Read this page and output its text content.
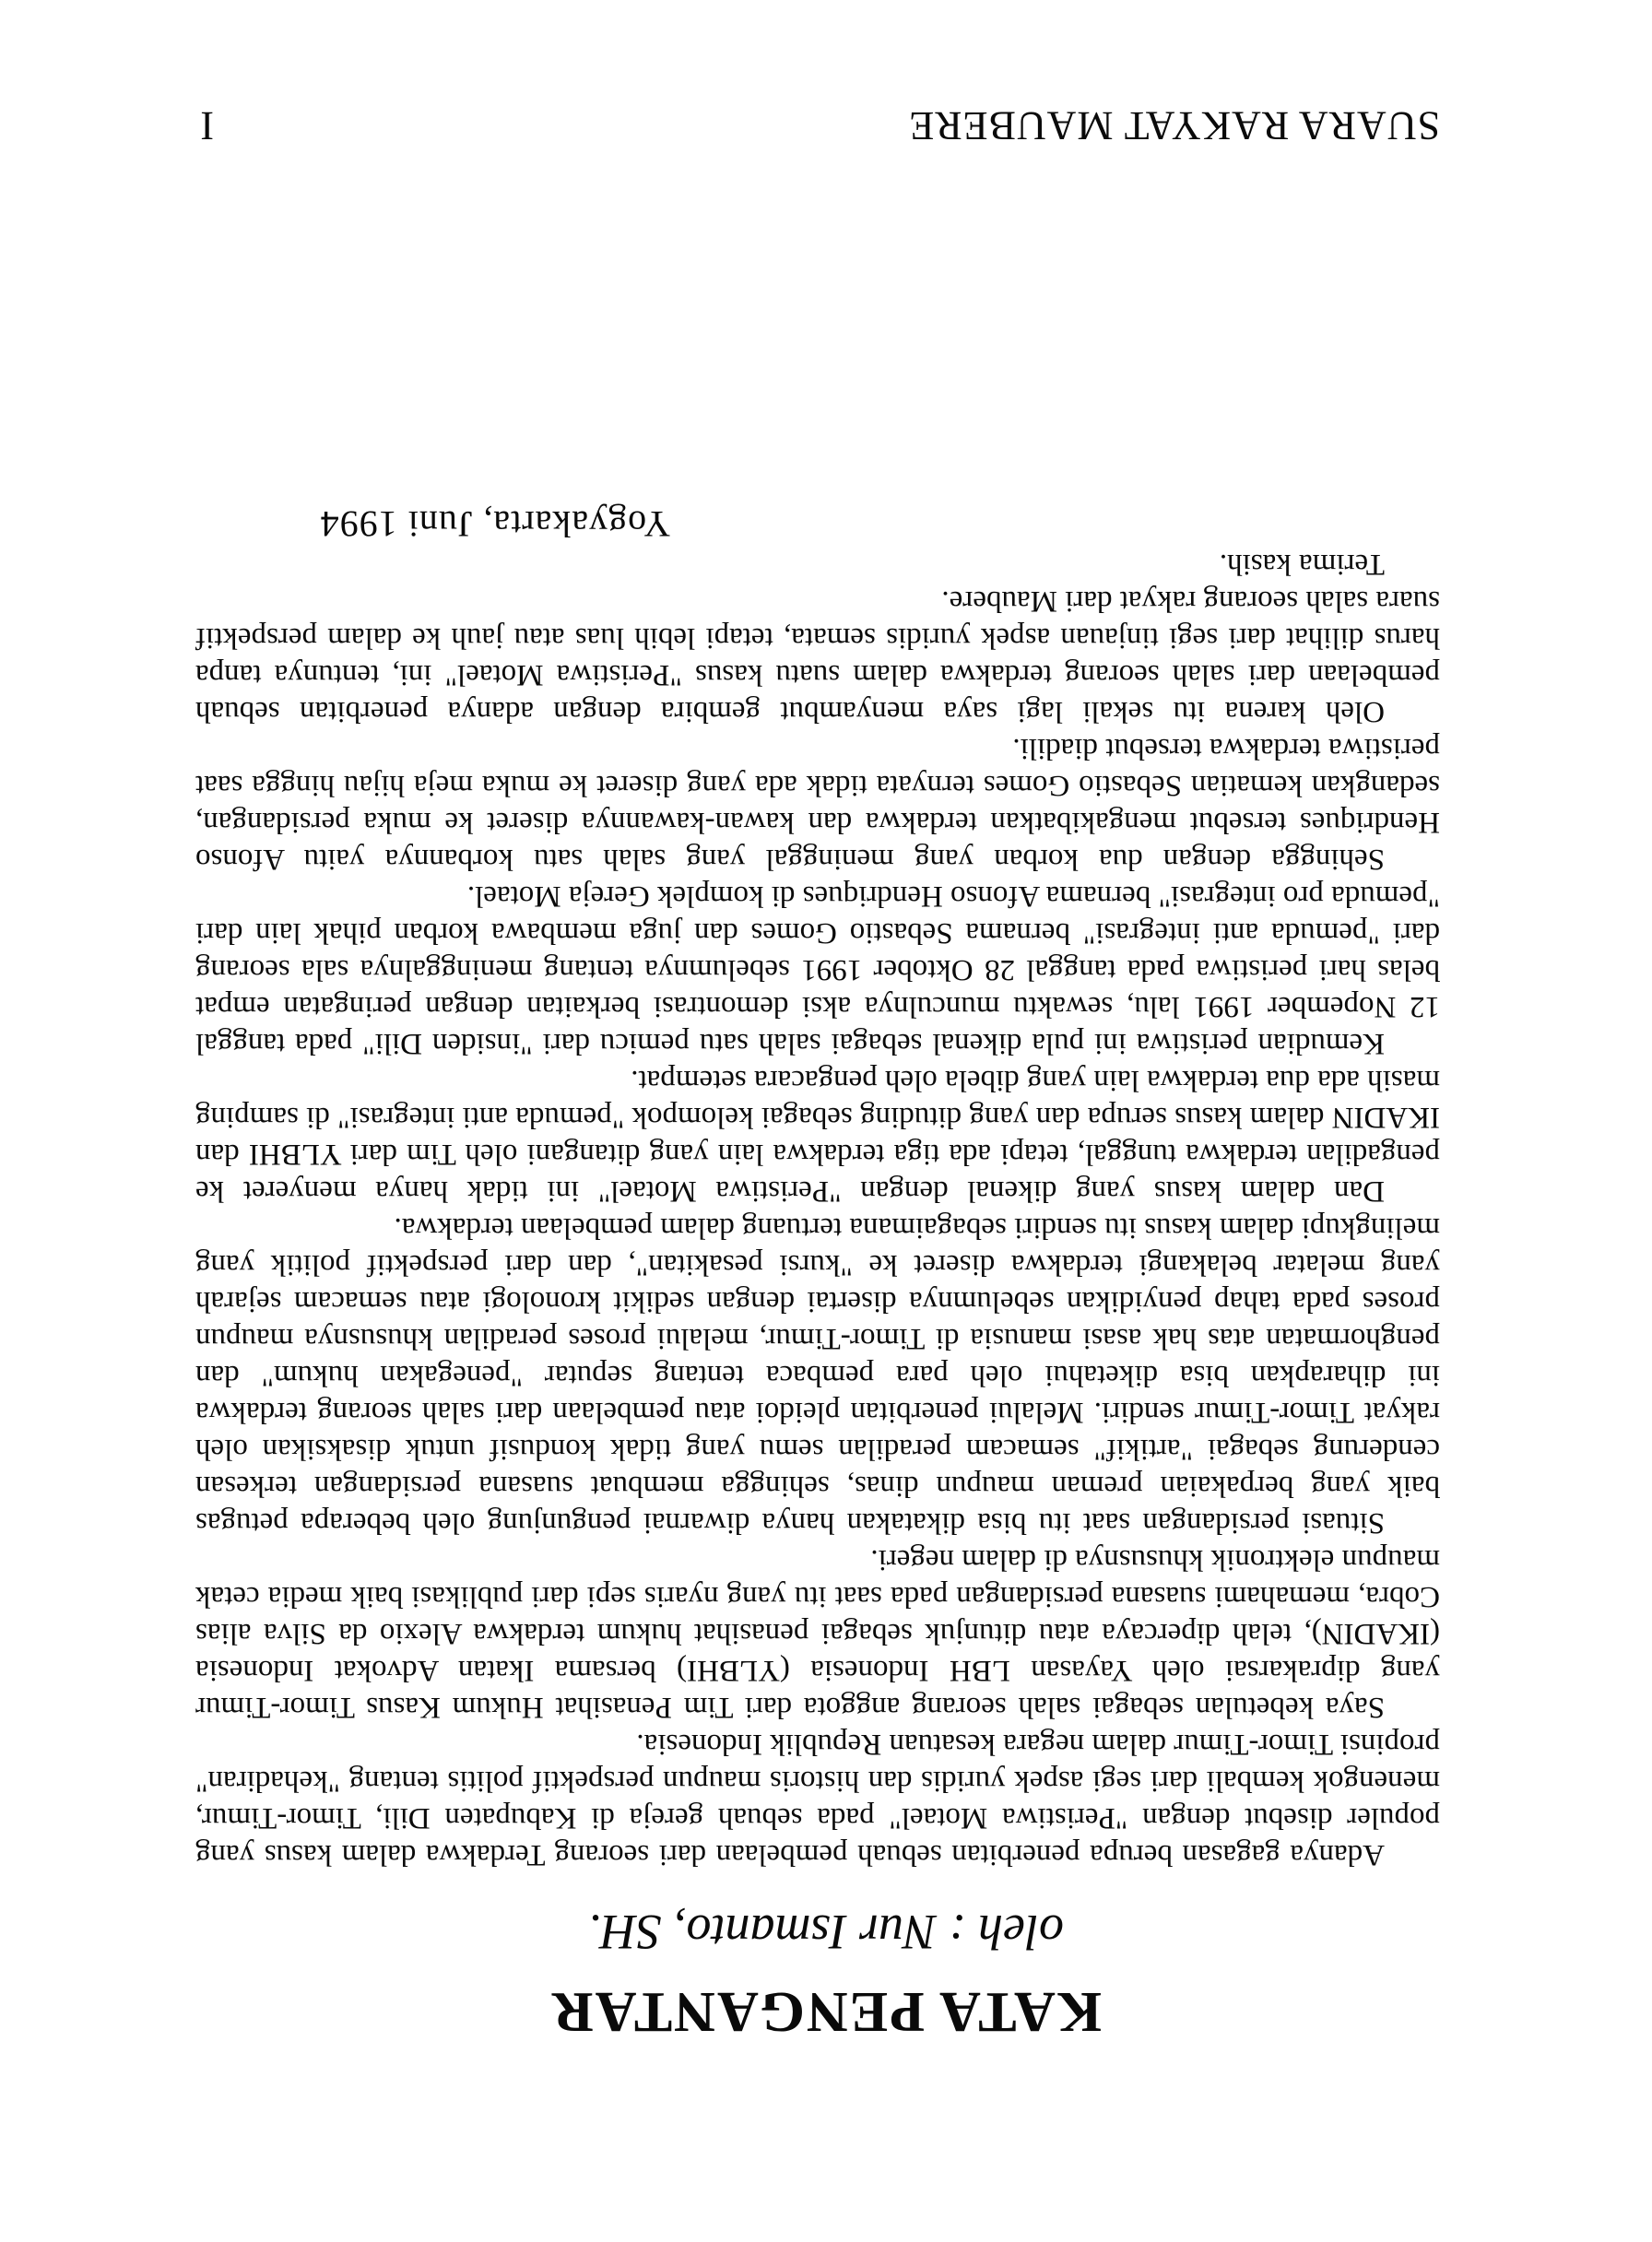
KATA PENGANTAR
oleh : Nur Ismanto, SH.

Adanya gagasan berupa penerbitan sebuah pembelaan dari seorang Terdakwa dalam kasus yang populer disebut dengan "Peristiwa Motael" pada sebuah gereja di Kabupaten Dili, Timor-Timur, menengok kembali dari segi aspek yuridis dan historis maupun perspektif politis tentang "kehadiran" propinsi Timor-Timur dalam negara kesatuan Republik Indonesia.

Saya kebetulan sebagai salah seorang anggota dari Tim Penasihat Hukum Kasus Timor-Timur yang diprakarsai oleh Yayasan LBH Indonesia (YLBHI) bersama Ikatan Advokat Indonesia (IKADIN), telah dipercaya atau ditunjuk sebagai penasihat hukum terdakwa Alexio da Silva alias Cobra, memahami suasana persidangan pada saat itu yang nyaris sepi dari publikasi baik media cetak maupun elektronik khususnya di dalam negeri.

Situasi persidangan saat itu bisa dikatakan hanya diwarnai pengunjung oleh beberapa petugas baik yang berpakaian preman maupun dinas, sehingga membuat suasana persidangan terkesan cenderung sebagai "artikif" semacam peradilan semu yang tidak kondusif untuk disaksikan oleh rakyat Timor-Timur sendiri. Melalui penerbitan pleidoi atau pembelaan dari salah seorang terdakwa ini diharapkan bisa diketahui oleh para pembaca tentang seputar "penegakan hukum" dan penghormatan atas hak asasi manusia di Timor-Timur, melalui proses peradilan khususnya maupun proses pada tahap penyidikan sebelumnya disertai dengan sedikit kronologi atau semacam sejarah yang melatar belakangi terdakwa diseret ke "kursi pesakitan", dan dari perspektif politik yang melingkupi dalam kasus itu sendiri sebagaimana tertuang dalam pembelaan terdakwa.

Dan dalam kasus yang dikenal dengan "Peristiwa Motael" ini tidak hanya menyeret ke pengadilan terdakwa tunggal, tetapi ada tiga terdakwa lain yang ditangani oleh Tim dari YLBHI dan IKADIN dalam kasus serupa dan yang dituding sebagai kelompok "pemuda anti integrasi" di samping masih ada dua terdakwa lain yang dibela oleh pengacara setempat.

Kemudian peristiwa ini pula dikenal sebagai salah satu pemicu dari "insiden Dili" pada tanggal 12 Nopember 1991 lalu, sewaktu munculnya aksi demontrasi berkaitan dengan peringatan empat belas hari peristiwa pada tanggal 28 Oktober 1991 sebelumnya tentang meninggalnya sala seorang dari "pemuda anti integrasi" bernama Sebastio Gomes dan juga membawa korban pihak lain dari "pemuda pro integrasi" bernama Afonso Hendriques di komplek Gereja Motael.

Sehingga dengan dua korban yang meninggal yang salah satu korbannya yaitu Afonso Hendriques tersebut mengakibatkan terdakwa dan kawan-kawannya diseret ke muka persidangan, sedangkan kematian Sebastio Gomes ternyata tidak ada yang diseret ke muka meja hijau hingga saat peristiwa terdakwa tersebut diadili.

Oleh karena itu sekali lagi saya menyambut gembira dengan adanya penerbitan sebuah pembelaan dari salah seorang terdakwa dalam suatu kasus "Peristiwa Motael" ini, tentunya tanpa harus dilihat dari segi tinjauan aspek yuridis semata, tetapi lebih luas atau jauh ke dalam perspektif suara salah seorang rakyat dari Maubere.

Terima kasih.

Yogyakarta, Juni 1994
SUARA RAKYAT MAUBERE
I
